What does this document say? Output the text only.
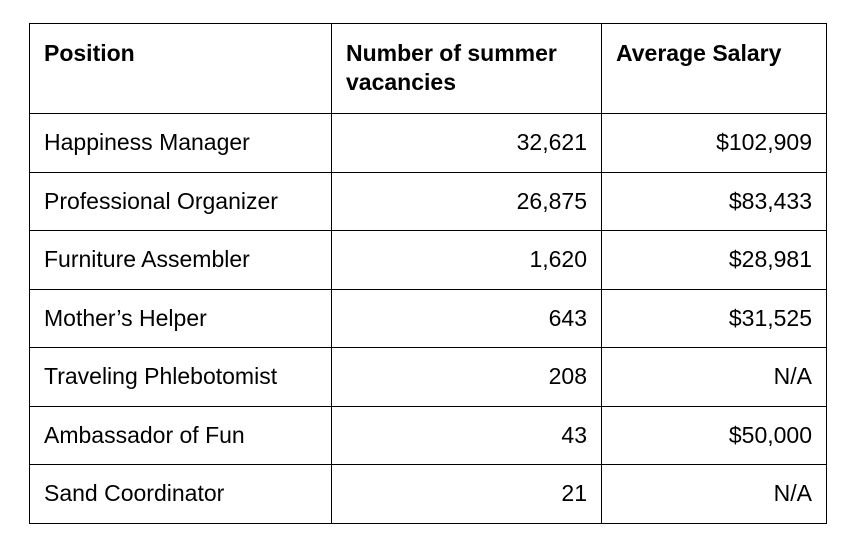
Position	Number of summer vacancies	Average Salary
Happiness Manager	32,621	$102,909
Professional Organizer	26,875	$83,433
Furniture Assembler	1,620	$28,981
Mother’s Helper	643	$31,525
Traveling Phlebotomist	208	N/A
Ambassador of Fun	43	$50,000
Sand Coordinator	21	N/A
